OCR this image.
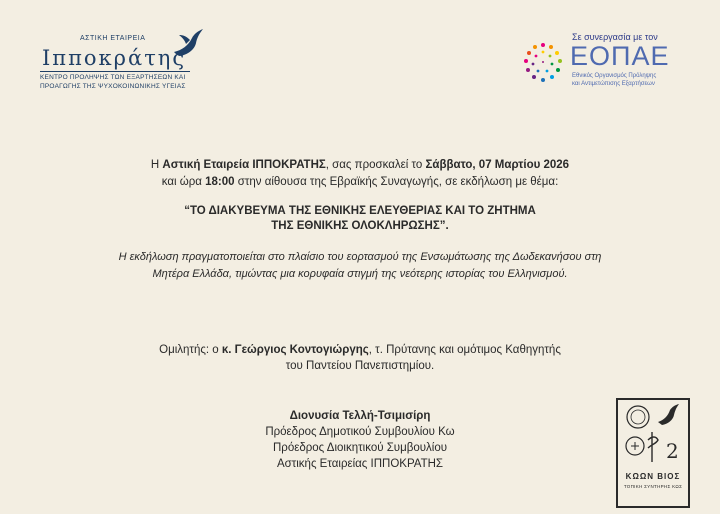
ΑΣΤΙΚΗ ΕΤΑΙΡΕΙΑ
Ιπποκράτης
ΚΕΝΤΡΟ ΠΡΟΛΗΨΗΣ ΤΩΝ ΕΞΑΡΤΗΣΕΩΝ ΚΑΙ
ΠΡΟΑΓΩΓΗΣ ΤΗΣ ΨΥΧΟΚΟΙΝΩΝΙΚΗΣ ΥΓΕΙΑΣ
Σε συνεργασία με τον
ΕΟΠΑΕ
Εθνικός Οργανισμός Πρόληψης
και Αντιμετώπισης Εξαρτήσεων
Η Αστική Εταιρεία ΙΠΠΟΚΡΑΤΗΣ, σας προσκαλεί το Σάββατο, 07 Μαρτίου 2026
και ώρα 18:00 στην αίθουσα της Εβραϊκής Συναγωγής, σε εκδήλωση με θέμα:
“ΤΟ ΔΙΑΚΥΒΕΥΜΑ ΤΗΣ ΕΘΝΙΚΗΣ ΕΛΕΥΘΕΡΙΑΣ ΚΑΙ ΤΟ ΖΗΤΗΜΑ
ΤΗΣ ΕΘΝΙΚΗΣ ΟΛΟΚΛΗΡΩΣΗΣ”.
Η εκδήλωση πραγματοποιείται στο πλαίσιο του εορτασμού της Ενσωμάτωσης της Δωδεκανήσου στη
Μητέρα Ελλάδα, τιμώντας μια κορυφαία στιγμή της νεότερης ιστορίας του Ελληνισμού.
Ομιλητής: ο κ. Γεώργιος Κοντογιώργης, τ. Πρύτανης και ομότιμος Καθηγητής
του Παντείου Πανεπιστημίου.
Διονυσία Τελλή-Τσιμισίρη
Πρόεδρος Δημοτικού Συμβουλίου Κω
Πρόεδρος Διοικητικού Συμβουλίου
Αστικής Εταιρείας ΙΠΠΟΚΡΑΤΗΣ
2
ΚΩΩΝ ΒΙΟΣ
ΤΟΠΙΚΗ ΣΥΝΤΗΡΗΣ ΚΩΣ
